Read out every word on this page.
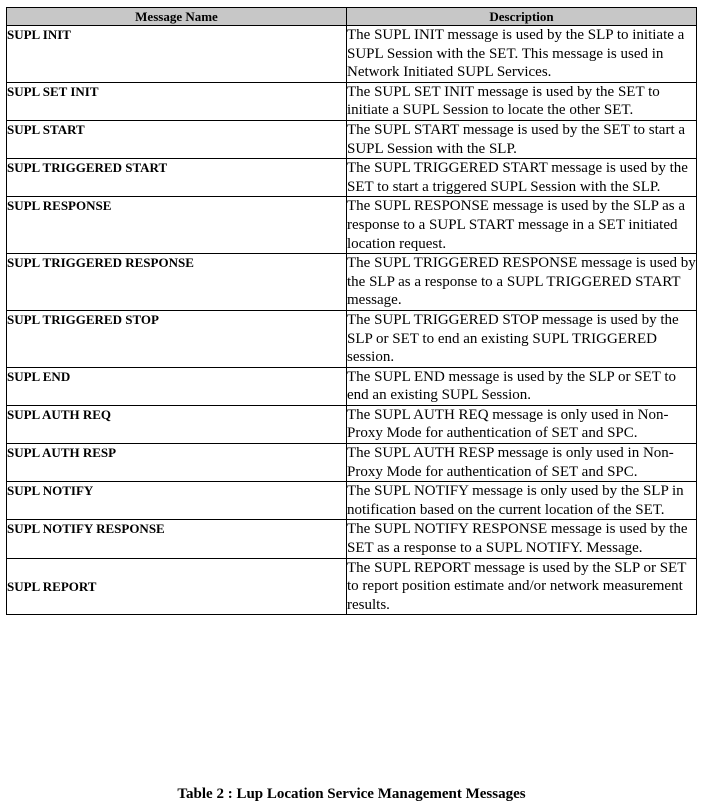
Message Name	Description
SUPL INIT	The SUPL INIT message is used by the SLP to initiate a SUPL Session with the SET. This message is used in Network Initiated SUPL Services.
SUPL SET INIT	The SUPL SET INIT message is used by the SET to initiate a SUPL Session to locate the other SET.
SUPL START	The SUPL START message is used by the SET to start a SUPL Session with the SLP.
SUPL TRIGGERED START	The SUPL TRIGGERED START message is used by the SET to start a triggered SUPL Session with the SLP.
SUPL RESPONSE	The SUPL RESPONSE message is used by the SLP as a response to a SUPL START message in a SET initiated location request.
SUPL TRIGGERED RESPONSE	The SUPL TRIGGERED RESPONSE message is used by the SLP as a response to a SUPL TRIGGERED START message.
SUPL TRIGGERED STOP	The SUPL TRIGGERED STOP message is used by the SLP or SET to end an existing SUPL TRIGGERED session.
SUPL END	The SUPL END message is used by the SLP or SET to end an existing SUPL Session.
SUPL AUTH REQ	The SUPL AUTH REQ message is only used in Non-Proxy Mode for authentication of SET and SPC.
SUPL AUTH RESP	The SUPL AUTH RESP message is only used in Non-Proxy Mode for authentication of SET and SPC.
SUPL NOTIFY	The SUPL NOTIFY message is only used by the SLP in notification based on the current location of the SET.
SUPL NOTIFY RESPONSE	The SUPL NOTIFY RESPONSE message is used by the SET as a response to a SUPL NOTIFY. Message.
SUPL REPORT	The SUPL REPORT message is used by the SLP or SET to report position estimate and/or network measurement results.
Table 2 : Lup Location Service Management Messages
